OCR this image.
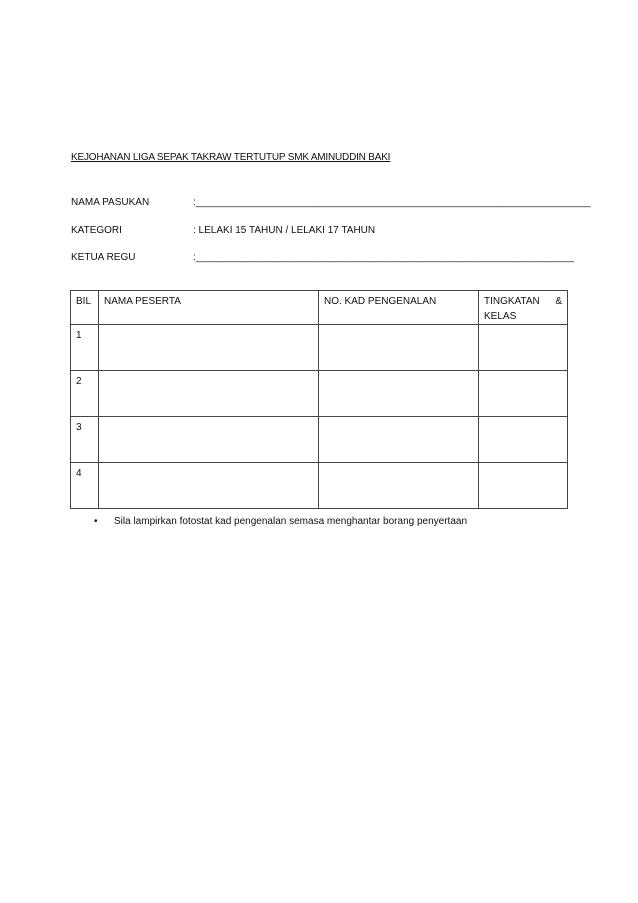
KEJOHANAN LIGA SEPAK TAKRAW TERTUTUP SMK AMINUDDIN BAKI
NAMA PASUKAN	:_______________________________________________________________________
KATEGORI	: LELAKI 15 TAHUN / LELAKI 17 TAHUN
KETUA REGU	:____________________________________________________________________
BIL	NAMA PESERTA	NO. KAD PENGENALAN	TINGKATAN & KELAS
1			
2			
3			
4			
• Sila lampirkan fotostat kad pengenalan semasa menghantar borang penyertaan
